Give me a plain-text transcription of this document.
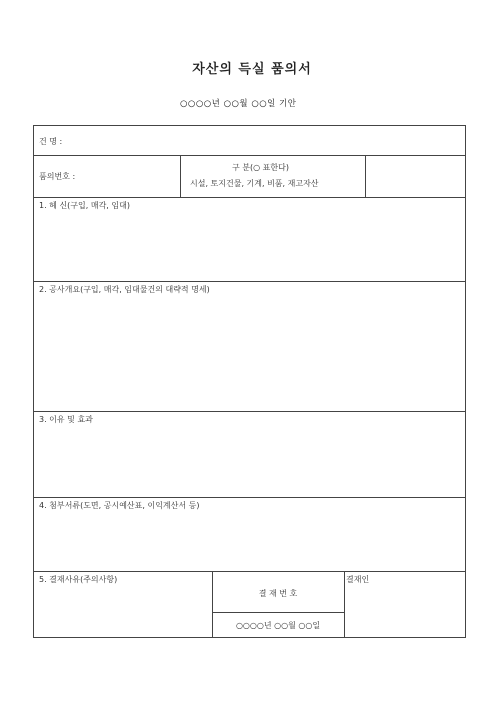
자산의 득실 품의서
○○○○년 ○○월 ○○일 기안
건 명 :
품의번호 :
구 분(○ 표한다)
시설, 토지건물, 기계, 비품, 재고자산
1. 헤 신(구입, 매각, 임대)
2. 공사개요(구입, 매각, 임대물건의 대략적 명세)
3. 이유 및 효과
4. 첨부서류(도면, 공시예산표, 이익계산서 등)
5. 결재사유(주의사항)
결 재 번 호
○○○○년 ○○월 ○○일
결재인
